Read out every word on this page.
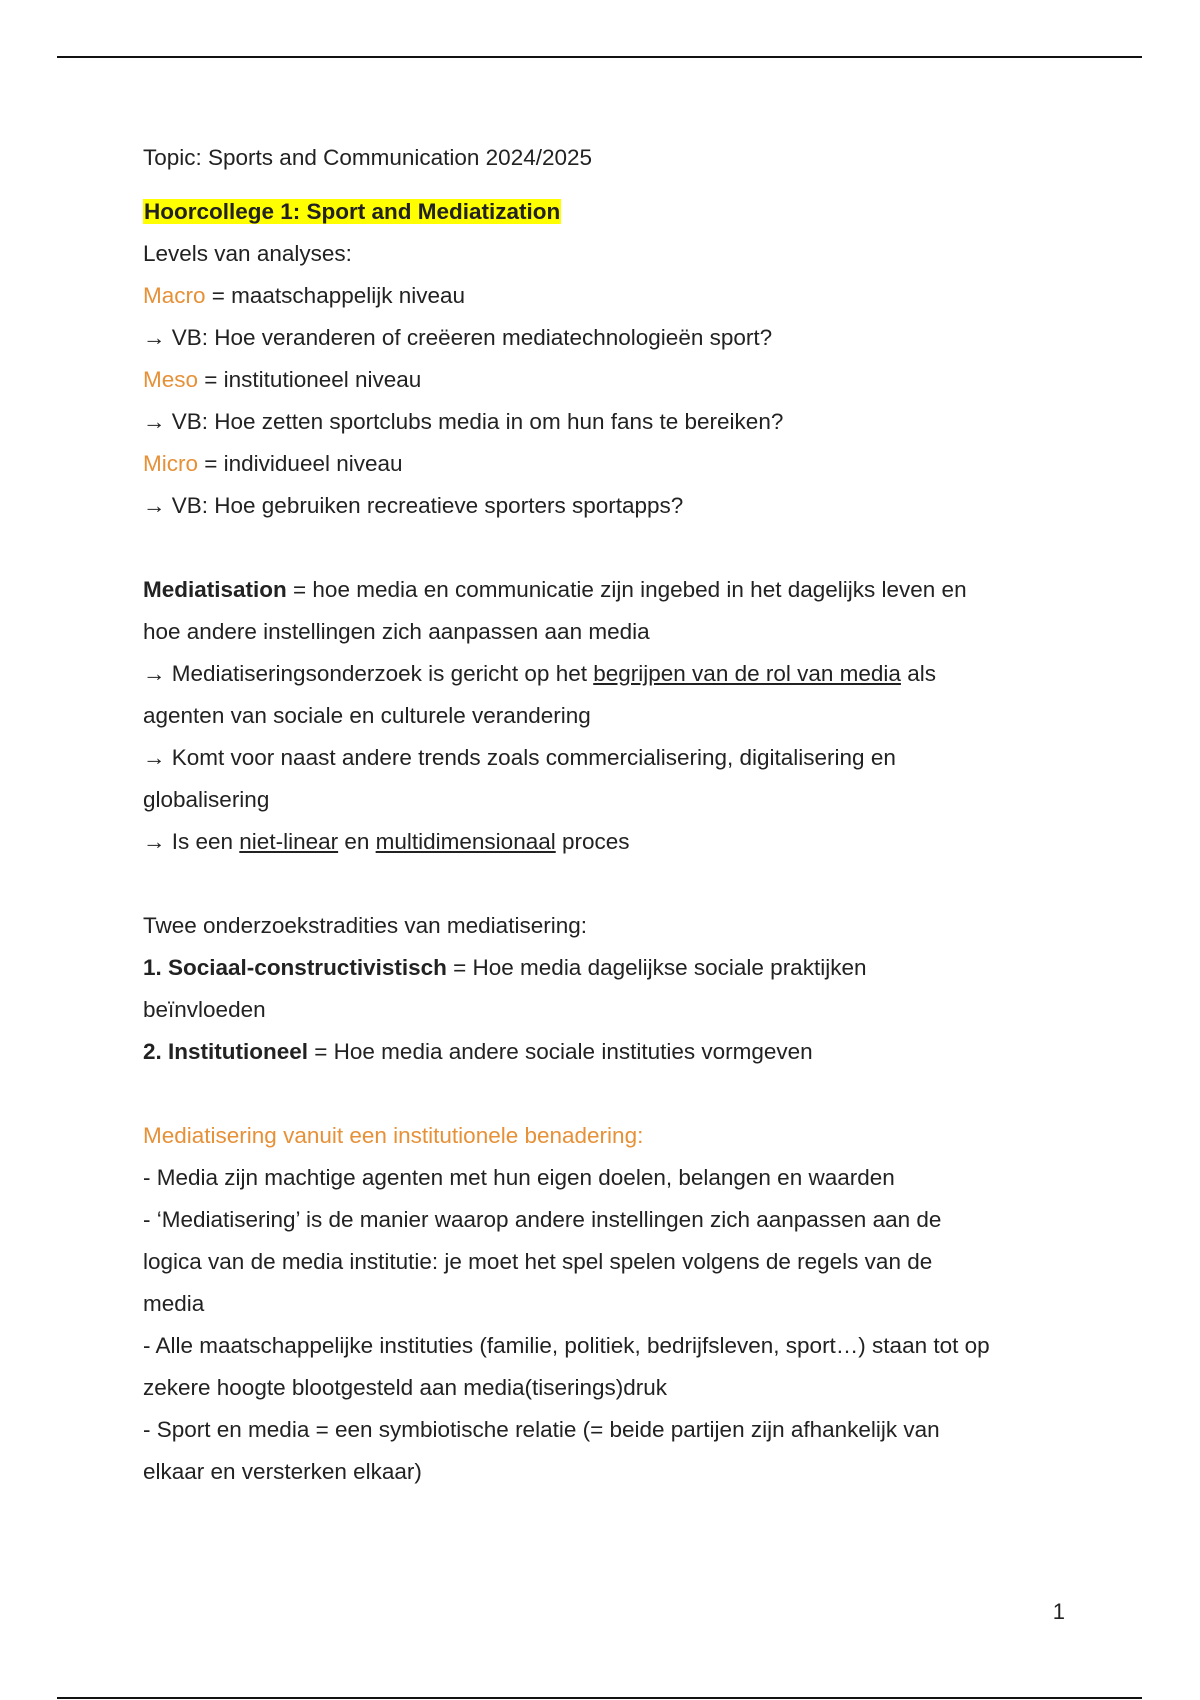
Topic: Sports and Communication 2024/2025

Hoorcollege 1: Sport and Mediatization

Levels van analyses:

Macro = maatschappelijk niveau

→ VB: Hoe veranderen of creëeren mediatechnologieën sport?

Meso = institutioneel niveau

→ VB: Hoe zetten sportclubs media in om hun fans te bereiken?

Micro = individueel niveau

→ VB: Hoe gebruiken recreatieve sporters sportapps?

Mediatisation = hoe media en communicatie zijn ingebed in het dagelijks leven en

hoe andere instellingen zich aanpassen aan media

→ Mediatiseringsonderzoek is gericht op het begrijpen van de rol van media als

agenten van sociale en culturele verandering

→ Komt voor naast andere trends zoals commercialisering, digitalisering en

globalisering

→ Is een niet-linear en multidimensionaal proces

Twee onderzoekstradities van mediatisering:

1. Sociaal-constructivistisch = Hoe media dagelijkse sociale praktijken

beïnvloeden

2. Institutioneel = Hoe media andere sociale instituties vormgeven

Mediatisering vanuit een institutionele benadering:

- Media zijn machtige agenten met hun eigen doelen, belangen en waarden

- ‘Mediatisering’ is de manier waarop andere instellingen zich aanpassen aan de

logica van de media institutie: je moet het spel spelen volgens de regels van de

media

- Alle maatschappelijke instituties (familie, politiek, bedrijfsleven, sport…) staan tot op

zekere hoogte blootgesteld aan media(tiserings)druk

- Sport en media = een symbiotische relatie (= beide partijen zijn afhankelijk van

elkaar en versterken elkaar)

1
